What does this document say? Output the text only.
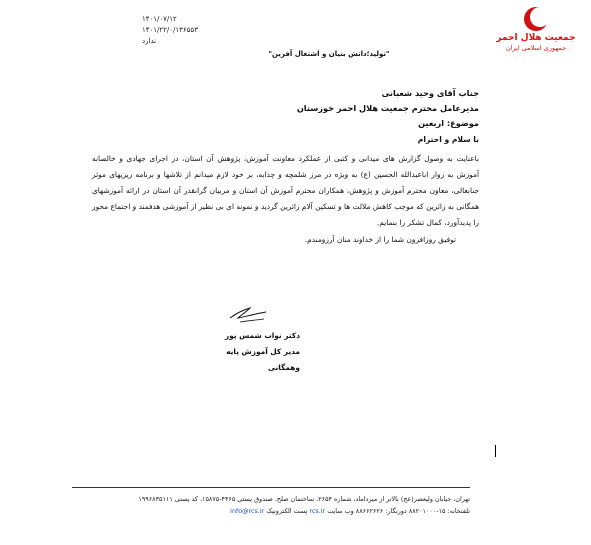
جمعیت هلال احمر
جمهوری اسلامی ایران
۱۴۰۱/۰۷/۱۲
۱۴۰۱/۲۲/۰/۱۳۶۵۵۳
ندارد
"تولید؛دانش بنیان و اشتغال آفرین"
جناب آقای وحید شعبانی
مدیرعامل محترم جمعیت هلال احمر خوزستان
موضوع: اربعین
با سلام و احترام
باعنایت به وصول گزارش های میدانی و کتبی از عملکرد معاونت آموزش، پژوهش آن استان، در اجرای جهادی و خالصانه آموزش به زوار اباعبدالله الحسین (ع) به ویژه در مرز شلمچه و چذابه، بر خود لازم میدانم از تلاشها و برنامه ریزیهای موثر جنابعالی، معاون محترم آموزش و پژوهش، همکاران محترم آموزش آن استان و مربیان گرانقدر آن استان در ارائه آموزشهای همگانی به زائرین که موجب کاهش ملالت ها و تسکین آلام زائرین گردید و نمونه ای بی نظیر از آموزشی هدفمند و اجتماع محور را پدیدآورد، کمال تشکر را بنمایم.
توفیق روزافزون شما را از خداوند منان آرزومندم.
دکتر نواب شمس پور
مدیر کل آموزش پایه وهمگانی
تهران، خیابان ولیعصر(عج) بالاتر از میرداماد، شماره ۲۶۵۴، ساختمان صلح، صندوق پستی ۴۴۶۵-۱۵۸۷۵، کد پستی ۱۹۹۶۸۳۵۱۱۱
تلفنخانه: ۱۵-۸۸۲۰۱۰۰۰ دورنگار: ۸۸۶۶۲۶۲۶ وب سایت rcs.ir پست الکترونیک info@rcs.ir
